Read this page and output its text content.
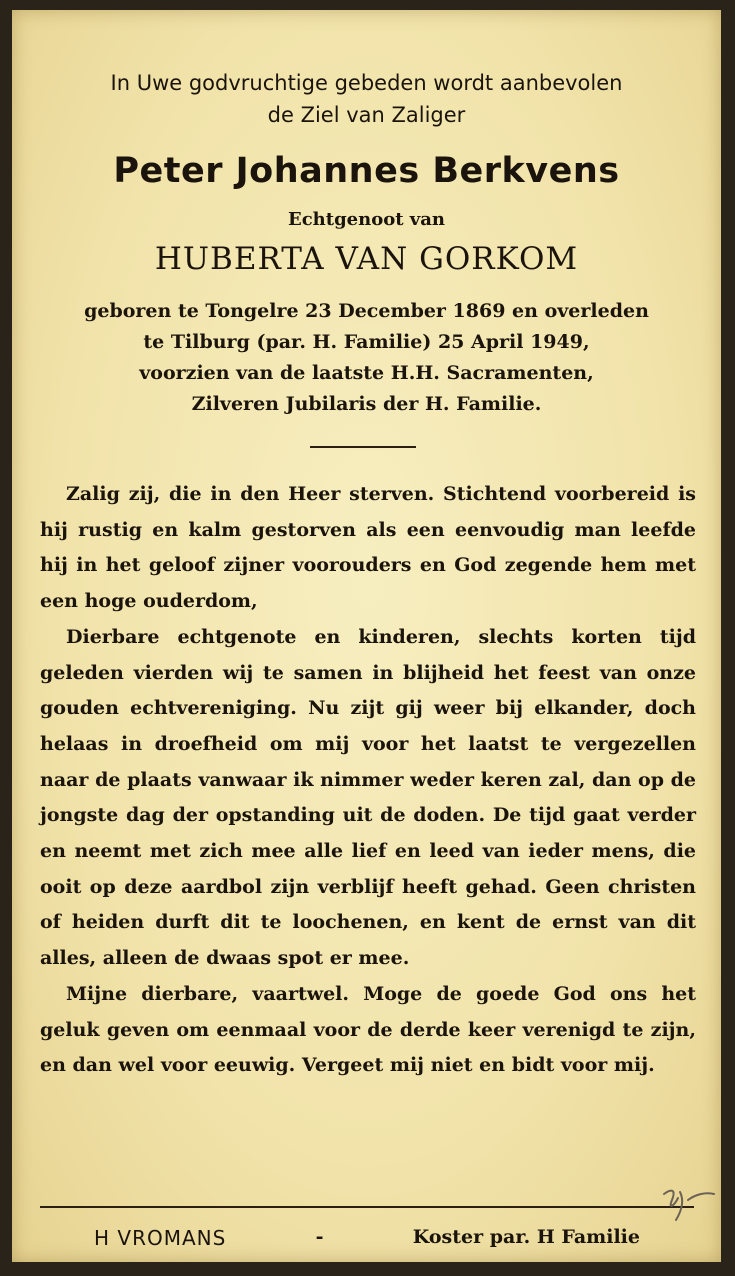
In Uwe godvruchtige gebeden wordt aanbevolen
de Ziel van Zaliger
Peter Johannes Berkvens
Echtgenoot van
HUBERTA VAN GORKOM
geboren te Tongelre 23 December 1869 en overleden
te Tilburg (par. H. Familie) 25 April 1949,
voorzien van de laatste H.H. Sacramenten,
Zilveren Jubilaris der H. Familie.

Zalig zij, die in den Heer sterven. Stichtend voorbereid is hij rustig en kalm gestorven als een eenvoudig man leefde hij in het geloof zijner voorouders en God zegende hem met een hoge ouderdom,

Dierbare echtgenote en kinderen, slechts korten tijd geleden vierden wij te samen in blijheid het feest van onze gouden echtvereniging. Nu zijt gij weer bij elkander, doch helaas in droefheid om mij voor het laatst te vergezellen naar de plaats vanwaar ik nimmer weder keren zal, dan op de jongste dag der opstanding uit de doden. De tijd gaat verder en neemt met zich mee alle lief en leed van ieder mens, die ooit op deze aardbol zijn verblijf heeft gehad. Geen christen of heiden durft dit te loochenen, en kent de ernst van dit alles, alleen de dwaas spot er mee.

Mijne dierbare, vaartwel. Moge de goede God ons het geluk geven om eenmaal voor de derde keer verenigd te zijn, en dan wel voor eeuwig. Vergeet mij niet en bidt voor mij.

H VROMANS	-	Koster par. H Familie
